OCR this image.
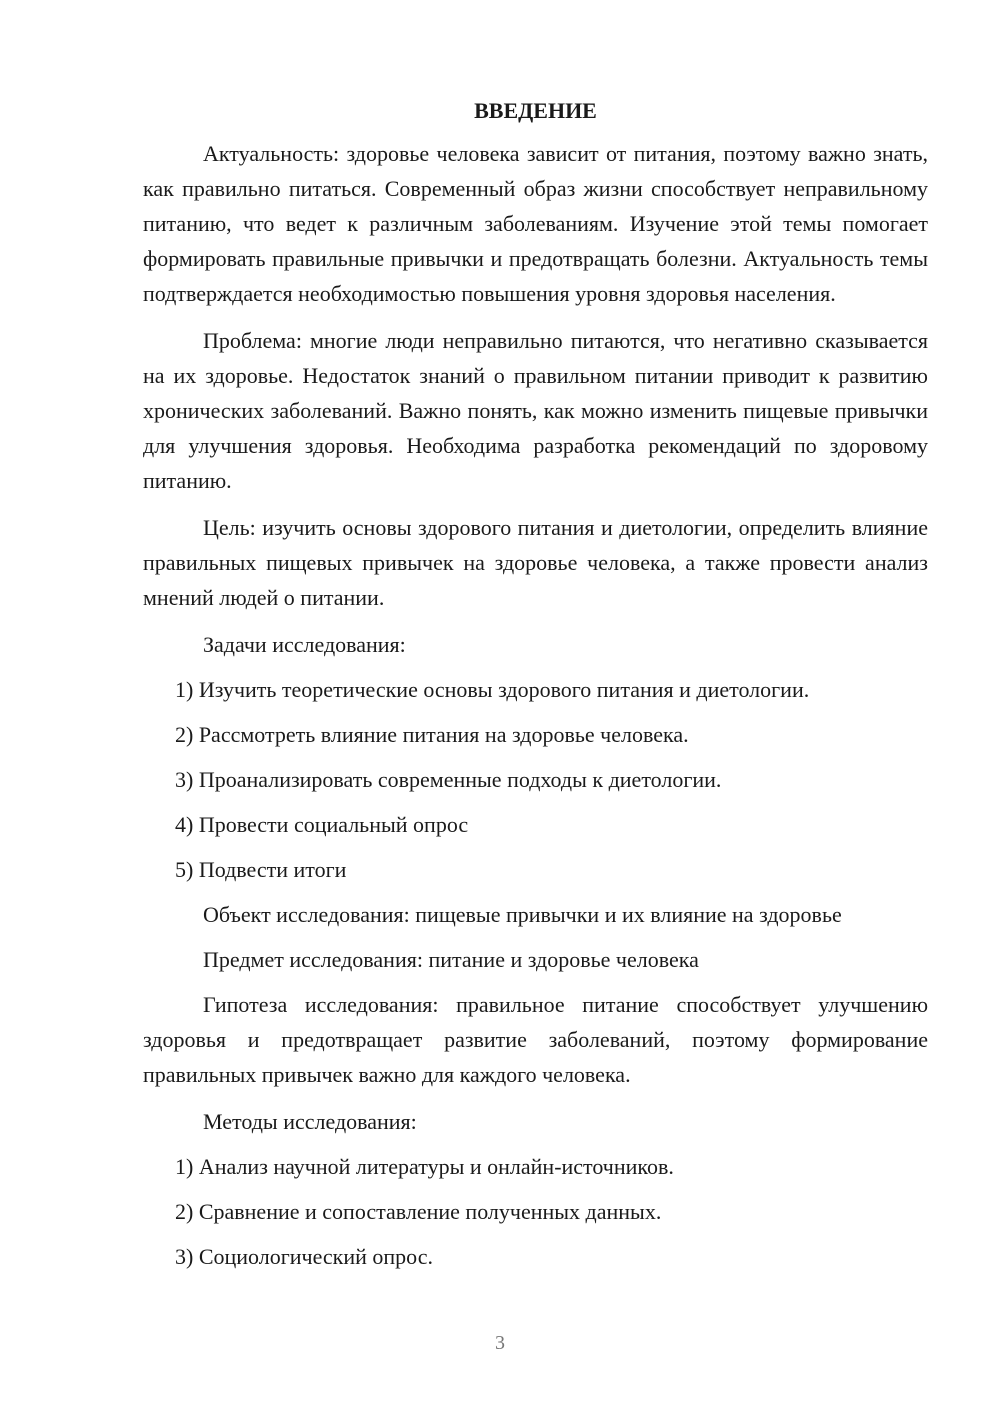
ВВЕДЕНИЕ

Актуальность: здоровье человека зависит от питания, поэтому важно знать, как правильно питаться. Современный образ жизни способствует неправильному питанию, что ведет к различным заболеваниям. Изучение этой темы помогает формировать правильные привычки и предотвращать болезни. Актуальность темы подтверждается необходимостью повышения уровня здоровья населения.

Проблема: многие люди неправильно питаются, что негативно сказывается на их здоровье. Недостаток знаний о правильном питании приводит к развитию хронических заболеваний. Важно понять, как можно изменить пищевые привычки для улучшения здоровья. Необходима разработка рекомендаций по здоровому питанию.

Цель: изучить основы здорового питания и диетологии, определить влияние правильных пищевых привычек на здоровье человека, а также провести анализ мнений людей о питании.

Задачи исследования:
1) Изучить теоретические основы здорового питания и диетологии.
2) Рассмотреть влияние питания на здоровье человека.
3) Проанализировать современные подходы к диетологии.
4) Провести социальный опрос
5) Подвести итоги
Объект исследования: пищевые привычки и их влияние на здоровье
Предмет исследования: питание и здоровье человека

Гипотеза исследования: правильное питание способствует улучшению здоровья и предотвращает развитие заболеваний, поэтому формирование правильных привычек важно для каждого человека.

Методы исследования:
1) Анализ научной литературы и онлайн-источников.
2) Сравнение и сопоставление полученных данных.
3) Социологический опрос.
3
